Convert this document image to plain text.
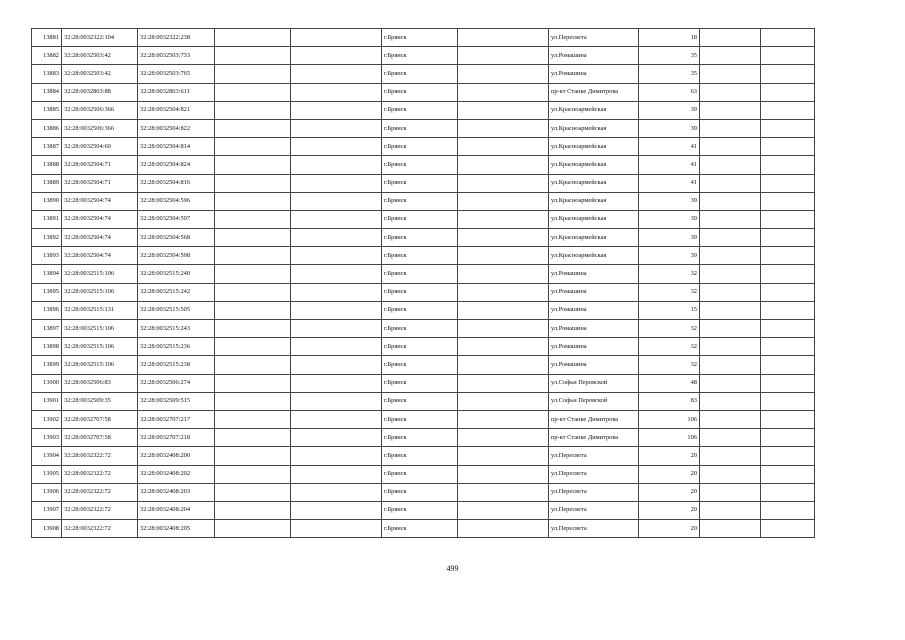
13881	32:28:0032322:104	32:28:0032322:238			г.Брянск		ул.Пересвета	18		
13882	32:28:0032503:42	32:28:0032503:733			г.Брянск		ул.Ромашина	35		
13883	32:28:0032503:42	32:28:0032503:765			г.Брянск		ул.Ромашина	35		
13884	32:28:0032803:88	32:28:0032803:611			г.Брянск		пр-кт Станке Димитрова	63		
13885	32:28:0032506:366	32:28:0032504:821			г.Брянск		ул.Красноармейская	39		
13886	32:28:0032506:366	32:28:0032504:822			г.Брянск		ул.Красноармейская	39		
13887	32:28:0032504:60	32:28:0032504:814			г.Брянск		ул.Красноармейская	41		
13888	32:28:0032504:71	32:28:0032504:824			г.Брянск		ул.Красноармейская	41		
13889	32:28:0032504:71	32:28:0032504:816			г.Брянск		ул.Красноармейская	41		
13890	32:28:0032504:74	32:28:0032504:596			г.Брянск		ул.Красноармейская	39		
13891	32:28:0032504:74	32:28:0032504:597			г.Брянск		ул.Красноармейская	39		
13892	32:28:0032504:74	32:28:0032504:568			г.Брянск		ул.Красноармейская	39		
13893	32:28:0032504:74	32:28:0032504:598			г.Брянск		ул.Красноармейская	39		
13894	32:28:0032515:106	32:28:0032515:240			г.Брянск		ул.Ромашина	32		
13895	32:28:0032515:106	32:28:0032515:242			г.Брянск		ул.Ромашина	32		
13896	32:28:0032515:131	32:28:0032515:505			г.Брянск		ул.Ромашина	15		
13897	32:28:0032515:106	32:28:0032515:243			г.Брянск		ул.Ромашина	32		
13898	32:28:0032515:106	32:28:0032515:236			г.Брянск		ул.Ромашина	32		
13899	32:28:0032515:106	32:28:0032515:238			г.Брянск		ул.Ромашина	32		
13900	32:28:0032506:83	32:28:0032506:274			г.Брянск		ул.Софьи Перовской	48		
13901	32:28:0032509:35	32:28:0032509:515			г.Брянск		ул.Софьи Перовской	83		
13902	32:28:0032707:58	32:28:0032707:217			г.Брянск		пр-кт Станке Димитрова	106		
13903	32:28:0032707:58	32:28:0032707:218			г.Брянск		пр-кт Станке Димитрова	106		
13904	32:28:0032322:72	32:28:0032408:200			г.Брянск		ул.Пересвета	20		
13905	32:28:0032322:72	32:28:0032408:202			г.Брянск		ул.Пересвета	20		
13906	32:28:0032322:72	32:28:0032408:203			г.Брянск		ул.Пересвета	20		
13907	32:28:0032322:72	32:28:0032408:204			г.Брянск		ул.Пересвета	20		
13908	32:28:0032322:72	32:28:0032408:205			г.Брянск		ул.Пересвета	20		
499
